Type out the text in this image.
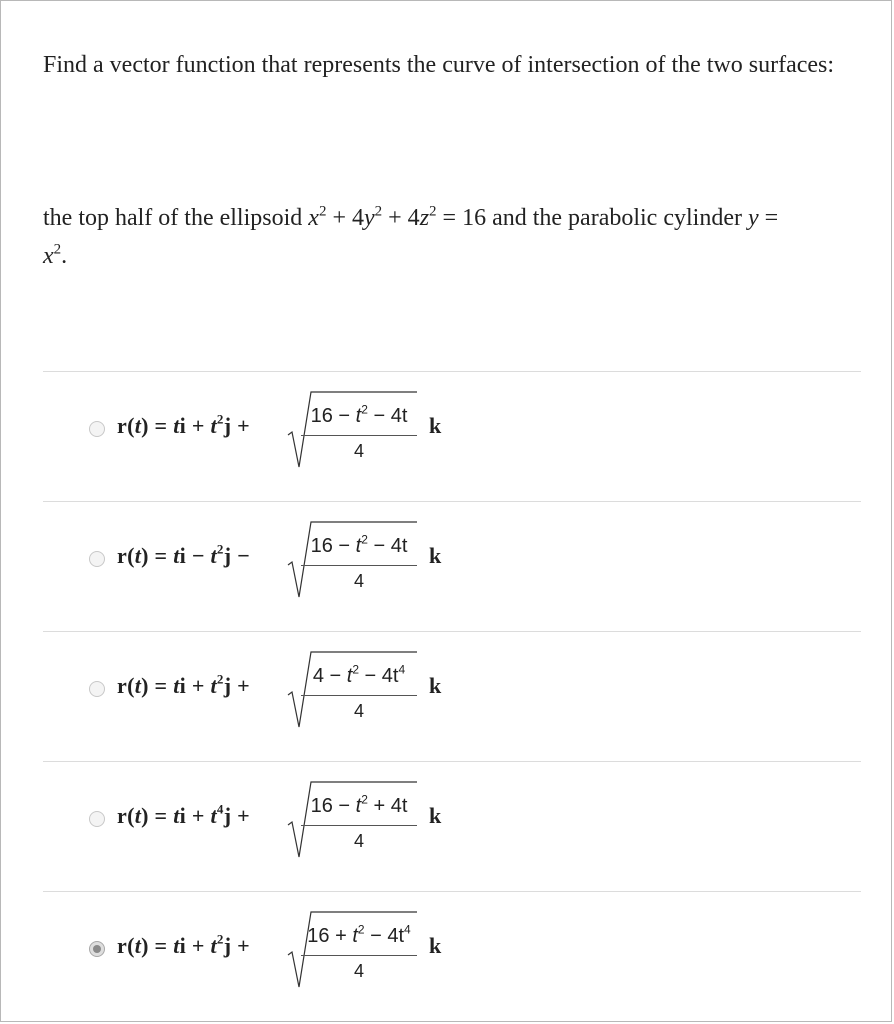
Find a vector function that represents the curve of intersection of the two surfaces:
the top half of the ellipsoid $x^2 + 4y^2 + 4z^2 = 16$ and the parabolic cylinder y =
$x^2$.
r(t) = ti + $t^2j$ +	$16 - t^2 - 4t$
4
k
r(t) = ti − $t^2j$ −	$16 - t^2 - 4t$
4
k
r(t) = ti + $t^2j$ +	$4 - t^2 - 4t^4$
4
k
r(t) = ti + $t^4j$ +	$16 - t^2 + 4t$
4
k
r(t) = ti + $t^2j$ +	$16 + t^2 - 4t^4$
4
k
